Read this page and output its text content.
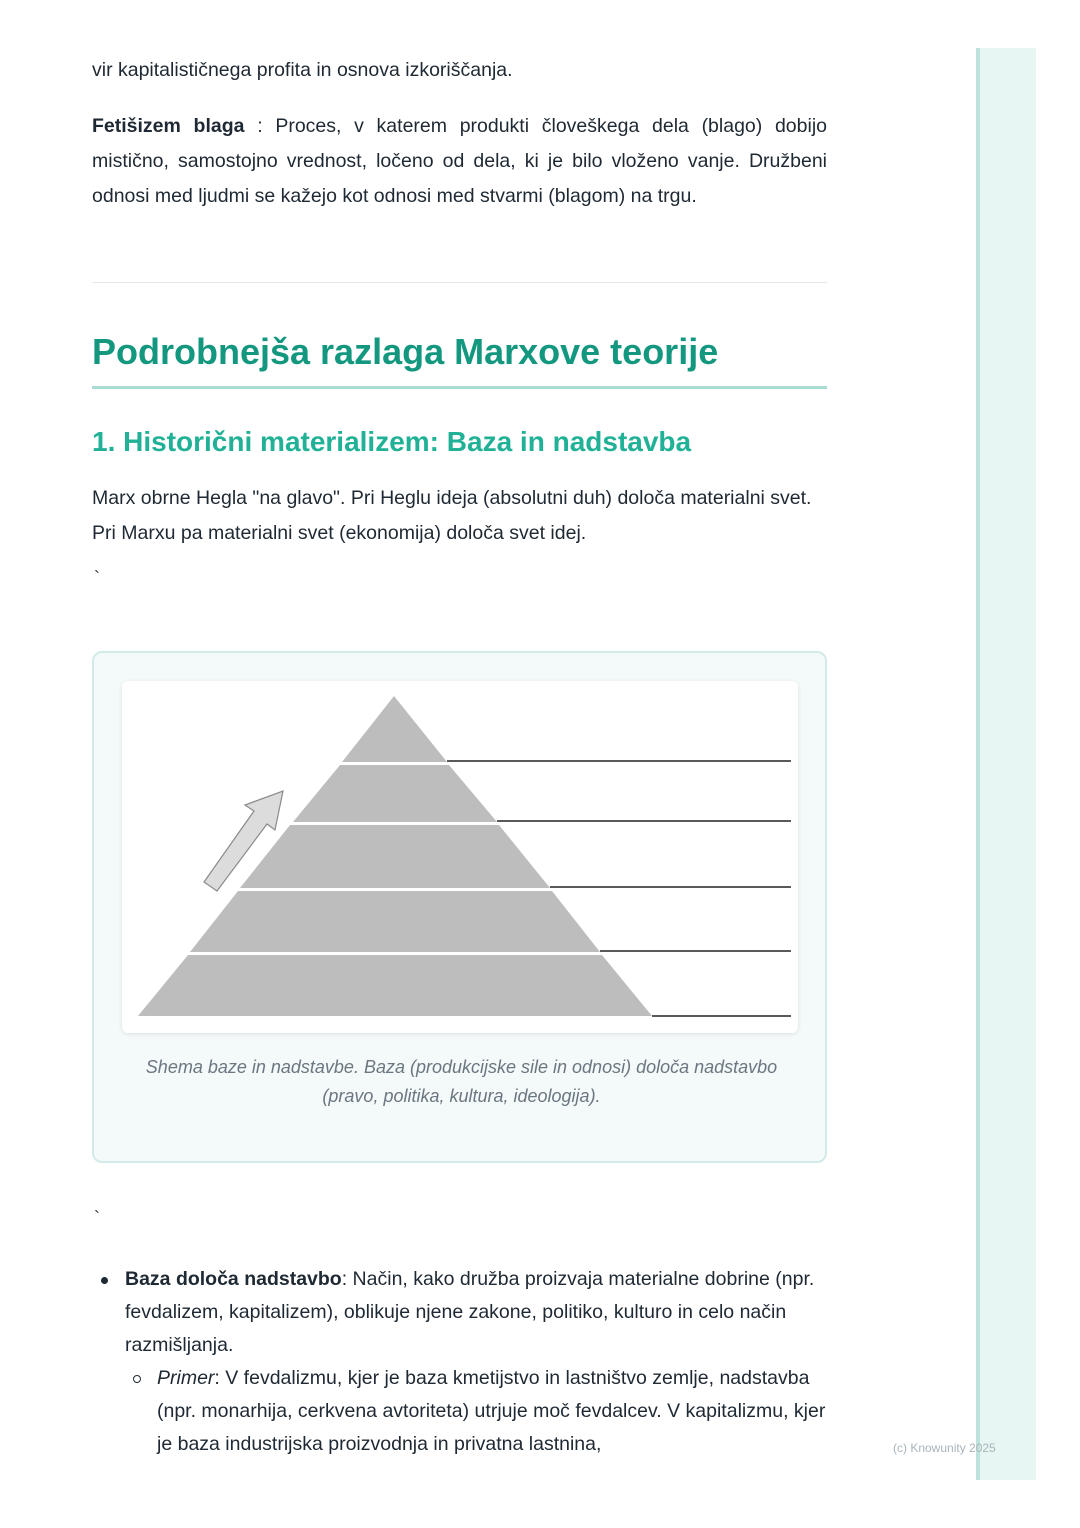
(c) Knowunity 2025

vir kapitalističnega profita in osnova izkoriščanja.

Fetišizem blaga : Proces, v katerem produkti človeškega dela (blago) dobijo mistično, samostojno vrednost, ločeno od dela, ki je bilo vloženo vanje. Družbeni odnosi med ljudmi se kažejo kot odnosi med stvarmi (blagom) na trgu.

Podrobnejša razlaga Marxove teorije
1. Historični materializem: Baza in nadstavba

Marx obrne Hegla "na glavo". Pri Heglu ideja (absolutni duh) določa materialni svet. Pri Marxu pa materialni svet (ekonomija) določa svet idej.

`
Shema baze in nadstavbe. Baza (produkcijske sile in odnosi) določa nadstavbo (pravo, politika, kultura, ideologija).
`
Baza določa nadstavbo: Način, kako družba proizvaja materialne dobrine (npr. fevdalizem, kapitalizem), oblikuje njene zakone, politiko, kulturo in celo način razmišljanja.
Primer: V fevdalizmu, kjer je baza kmetijstvo in lastništvo zemlje, nadstavba (npr. monarhija, cerkvena avtoriteta) utrjuje moč fevdalcev. V kapitalizmu, kjer je baza industrijska proizvodnja in privatna lastnina,
